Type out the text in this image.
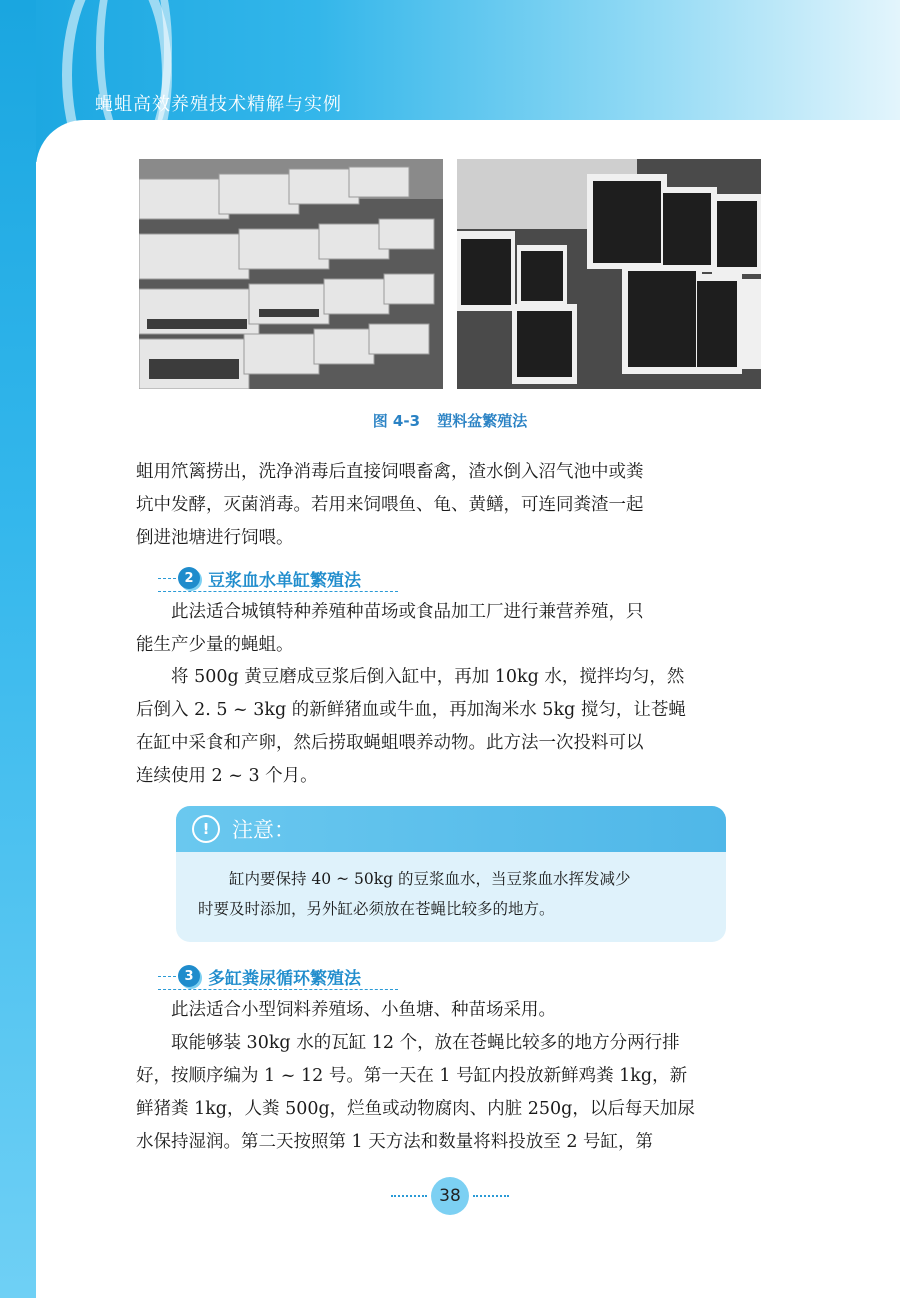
蝇蛆高效养殖技术精解与实例
图 4-3 塑料盆繁殖法
蛆用笊篱捞出，洗净消毒后直接饲喂畜禽，渣水倒入沼气池中或粪
坑中发酵，灭菌消毒。若用来饲喂鱼、龟、黄鳝，可连同粪渣一起
倒进池塘进行饲喂。
2 豆浆血水单缸繁殖法
　　此法适合城镇特种养殖种苗场或食品加工厂进行兼营养殖，只
能生产少量的蝇蛆。
　　将 500g 黄豆磨成豆浆后倒入缸中，再加 10kg 水，搅拌均匀，然
后倒入 2. 5 ~ 3kg 的新鲜猪血或牛血，再加淘米水 5kg 搅匀，让苍蝇
在缸中采食和产卵，然后捞取蝇蛆喂养动物。此方法一次投料可以
连续使用 2 ~ 3 个月。
!	注意：
　　缸内要保持 40 ~ 50kg 的豆浆血水，当豆浆血水挥发减少
时要及时添加，另外缸必须放在苍蝇比较多的地方。
3 多缸粪尿循环繁殖法
　　此法适合小型饲料养殖场、小鱼塘、种苗场采用。
　　取能够装 30kg 水的瓦缸 12 个，放在苍蝇比较多的地方分两行排
好，按顺序编为 1 ~ 12 号。第一天在 1 号缸内投放新鲜鸡粪 1kg，新
鲜猪粪 1kg，人粪 500g，烂鱼或动物腐肉、内脏 250g，以后每天加尿
水保持湿润。第二天按照第 1 天方法和数量将料投放至 2 号缸，第
38
